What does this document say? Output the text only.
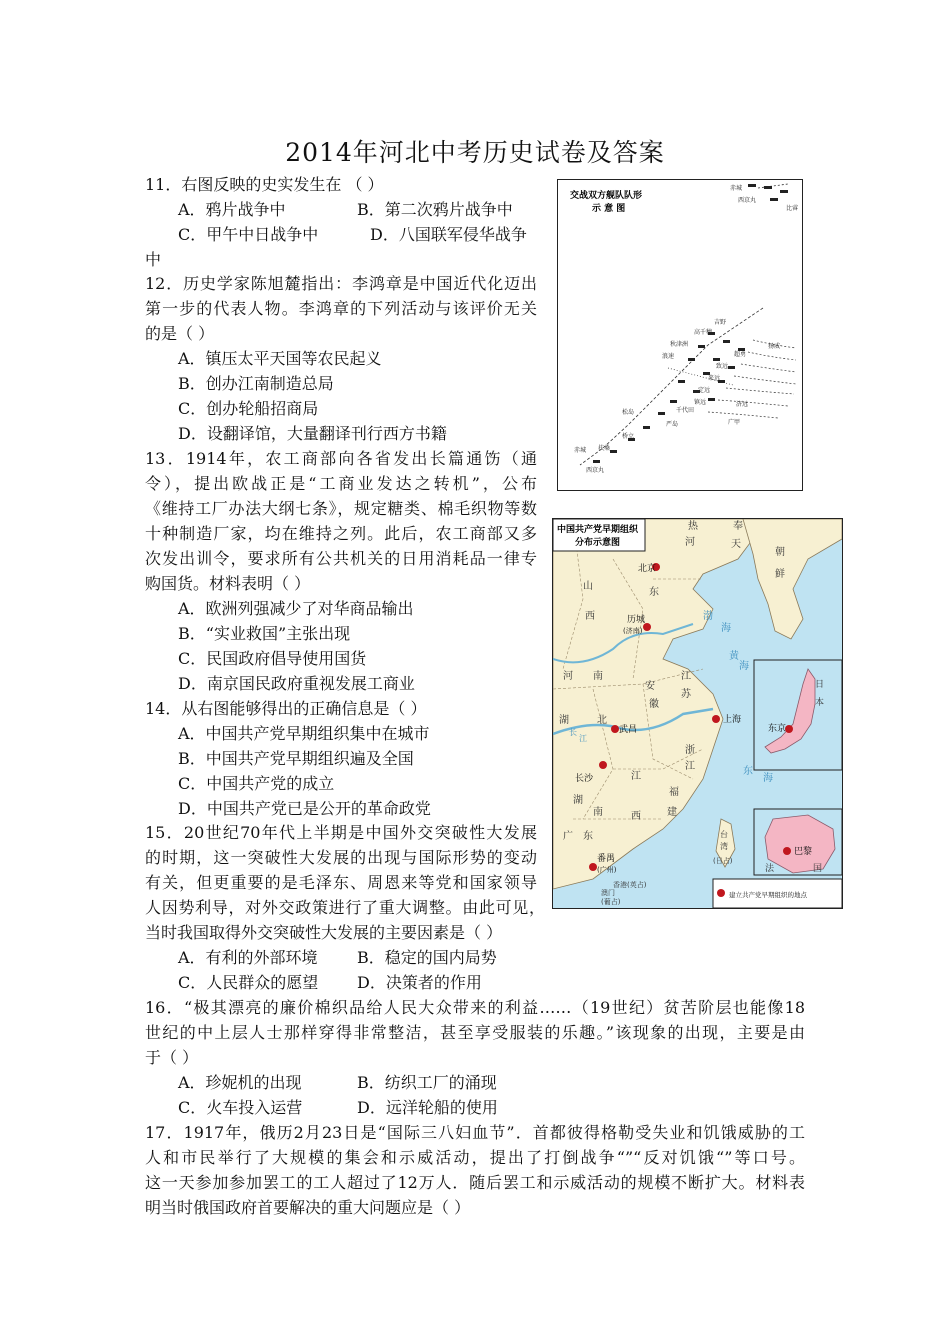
2014年河北中考历史试卷及答案
11．右图反映的史实发生在 （ ）
A．鸦片战争中	B．第二次鸦片战争中
C．甲午中日战争中	D．八国联军侵华战争
中
12．历史学家陈旭麓指出：李鸿章是中国近代化迈出
第一步的代表人物。李鸿章的下列活动与该评价无关
的是（ ）
A．镇压太平天国等农民起义
B．创办江南制造总局
C．创办轮船招商局
D．设翻译馆，大量翻译刊行西方书籍
13．1914年，农工商部向各省发出长篇通饬（通
令），提出欧战正是“工商业发达之转机”，公布
《维持工厂办法大纲七条》，规定糖类、棉毛织物等数
十种制造厂家，均在维持之列。此后，农工商部又多
次发出训令，要求所有公共机关的日用消耗品一律专
购国货。材料表明（ ）
A．欧洲列强减少了对华商品输出
B．“实业救国”主张出现
C．民国政府倡导使用国货
D．南京国民政府重视发展工商业
14．从右图能够得出的正确信息是（ ）
A．中国共产党早期组织集中在城市
B．中国共产党早期组织遍及全国
C．中国共产党的成立
D．中国共产党已是公开的革命政党
15．20世纪70年代上半期是中国外交突破性大发展
的时期，这一突破性大发展的出现与国际形势的变动
有关，但更重要的是毛泽东、周恩来等党和国家领导
人因势利导，对外交政策进行了重大调整。由此可见，
当时我国取得外交突破性大发展的主要因素是（ ）
A．有利的外部环境 B．稳定的国内局势
C．人民群众的愿望 D．决策者的作用
16．“极其漂亮的廉价棉织品给人民大众带来的利益……（19世纪）贫苦阶层也能像18
世纪的中上层人士那样穿得非常整洁，甚至享受服装的乐趣。”该现象的出现，主要是由
于（ ）
A．珍妮机的出现	B．纺织工厂的涌现
C．火车投入运营	D．远洋轮船的使用
17．1917年，俄历2月23日是“国际三八妇血节”．首都彼得格勒受失业和饥饿威胁的工
人和市民举行了大规模的集会和示威活动，提出了打倒战争“”“反对饥饿“”等口号。
这一天参加参加罢工的工人超过了12万人．随后罢工和示威活动的规模不断扩大。材料表
明当时俄国政府首要解决的重大问题应是（ ）
交战双方舰队队形
示 意 图
赤城
西京丸
比睿
吉野
高千穗
秋津洲
浪速	超勇
扬威
致远
来远
定远
镇远	济远
广甲
千代田
严岛
松岛
桥立
赤城 扶桑
西京丸
中国共产党早期组织
分布示意图
北京
历城
(济南)
上海
武昌
长沙
番禺
(广州)
东京
巴黎
建立共产党早期组织的地点
热
河
奉
天
朝
鲜
山
西
东
河 南	江
苏
安
徽
湖	北
浙
江
湖
南
江
西
福
建
广 东	台
湾
(日占)
日
本
法	国
香港(英占)
澳门
(葡占)
渤
海
黄
海
东
海
长
江
